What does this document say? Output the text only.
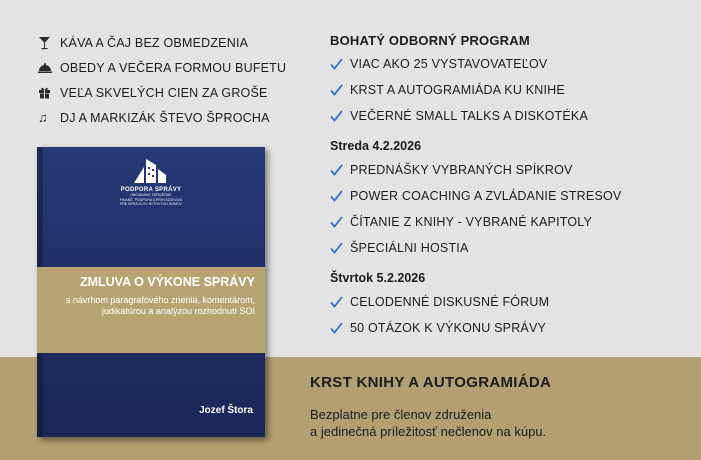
KÁVA A ČAJ BEZ OBMEDZENIA
OBEDY A VEČERA FORMOU BUFETU
VEĽA SKVELÝCH CIEN ZA GROŠE
♫ DJ A MARKIZÁK ŠTEVO ŠPROCHA
BOHATÝ ODBORNÝ PROGRAM
VIAC AKO 25 VYSTAVOVATEĽOV
KRST A AUTOGRAMIÁDA KU KNIHE
VEČERNÉ SMALL TALKS A DISKOTÉKA
Streda 4.2.2026
PREDNÁŠKY VYBRANÝCH SPÍKROV
POWER COACHING A ZVLÁDANIE STRESOV
ČÍTANIE Z KNIHY - VYBRANÉ KAPITOLY
ŠPECIÁLNI HOSTIA
Štvrtok 5.2.2026
CELODENNÉ DISKUSNÉ FÓRUM
50 OTÁZOK K VÝKONU SPRÁVY
PODPORA SPRÁVY
OBČIANSKE ZDRUŽENIE
FINANČ. PODPORA A PREVÁDZKOVÁ
PRE SPRÁVCOV BYTOVÝCH DOMOV
ZMLUVA O VÝKONE SPRÁVY
s návrhom paragrafového znenia, komentárom, judikatúrou a analýzou rozhodnutí SOI
Jozef Štora
KRST KNIHY A AUTOGRAMIÁDA
Bezplatne pre členov združenia
a jedinečná príležitosť nečlenov na kúpu.
